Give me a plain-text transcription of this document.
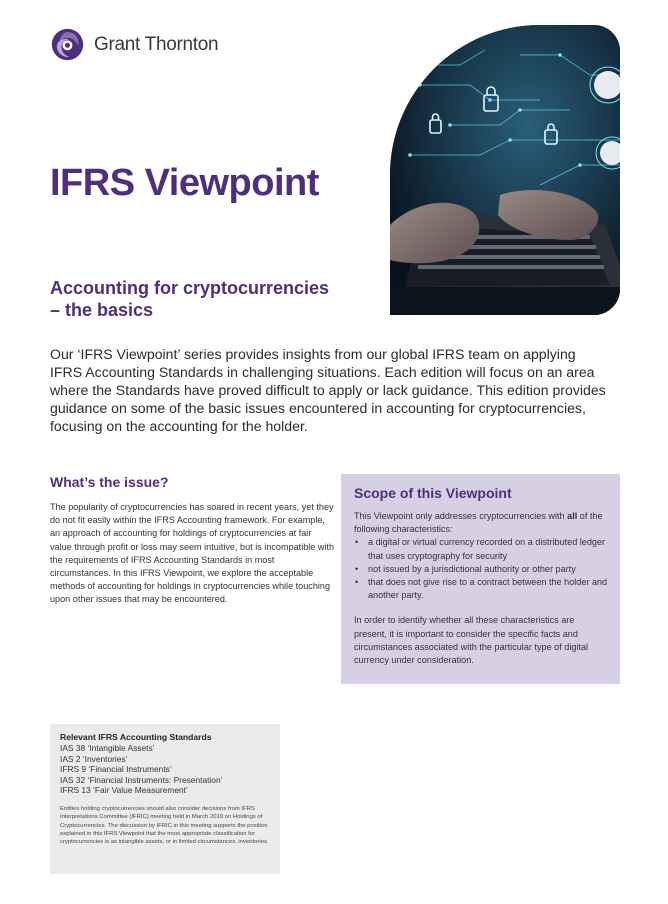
Grant Thornton
IFRS Viewpoint
Accounting for cryptocurrencies
– the basics

Our ‘IFRS Viewpoint’ series provides insights from our global IFRS team on applying IFRS Accounting Standards in challenging situations. Each edition will focus on an area where the Standards have proved difficult to apply or lack guidance. This edition provides guidance on some of the basic issues encountered in accounting for cryptocurrencies, focusing on the accounting for the holder.

What’s the issue?

The popularity of cryptocurrencies has soared in recent years, yet they do not fit easily within the IFRS Accounting framework. For example, an approach of accounting for holdings of cryptocurrencies at fair value through profit or loss may seem intuitive, but is incompatible with the requirements of IFRS Accounting Standards in most circumstances. In this IFRS Viewpoint, we explore the acceptable methods of accounting for holdings in cryptocurrencies while touching upon other issues that may be encountered.

Scope of this Viewpoint

This Viewpoint only addresses cryptocurrencies with all of the following characteristics:

• a digital or virtual currency recorded on a distributed ledger that uses cryptography for security
• not issued by a jurisdictional authority or other party
• that does not give rise to a contract between the holder and another party.

In order to identify whether all these characteristics are present, it is important to consider the specific facts and circumstances associated with the particular type of digital currency under consideration.

Relevant IFRS Accounting Standards
IAS 38 ‘Intangible Assets’
IAS 2 ‘Inventories’
IFRS 9 ‘Financial Instruments’
IAS 32 ‘Financial Instruments: Presentation’
IFRS 13 ‘Fair Value Measurement’

Entities holding cryptocurrencies should also consider decisions from IFRS Interpretations Committee (IFRIC) meeting held in March 2019 on Holdings of Cryptocurrencies. The discussion by IFRIC in this meeting supports the position explained in this IFRS Viewpoint that the most appropriate classification for cryptocurrencies is as intangible assets, or in limited circumstances, inventories.
